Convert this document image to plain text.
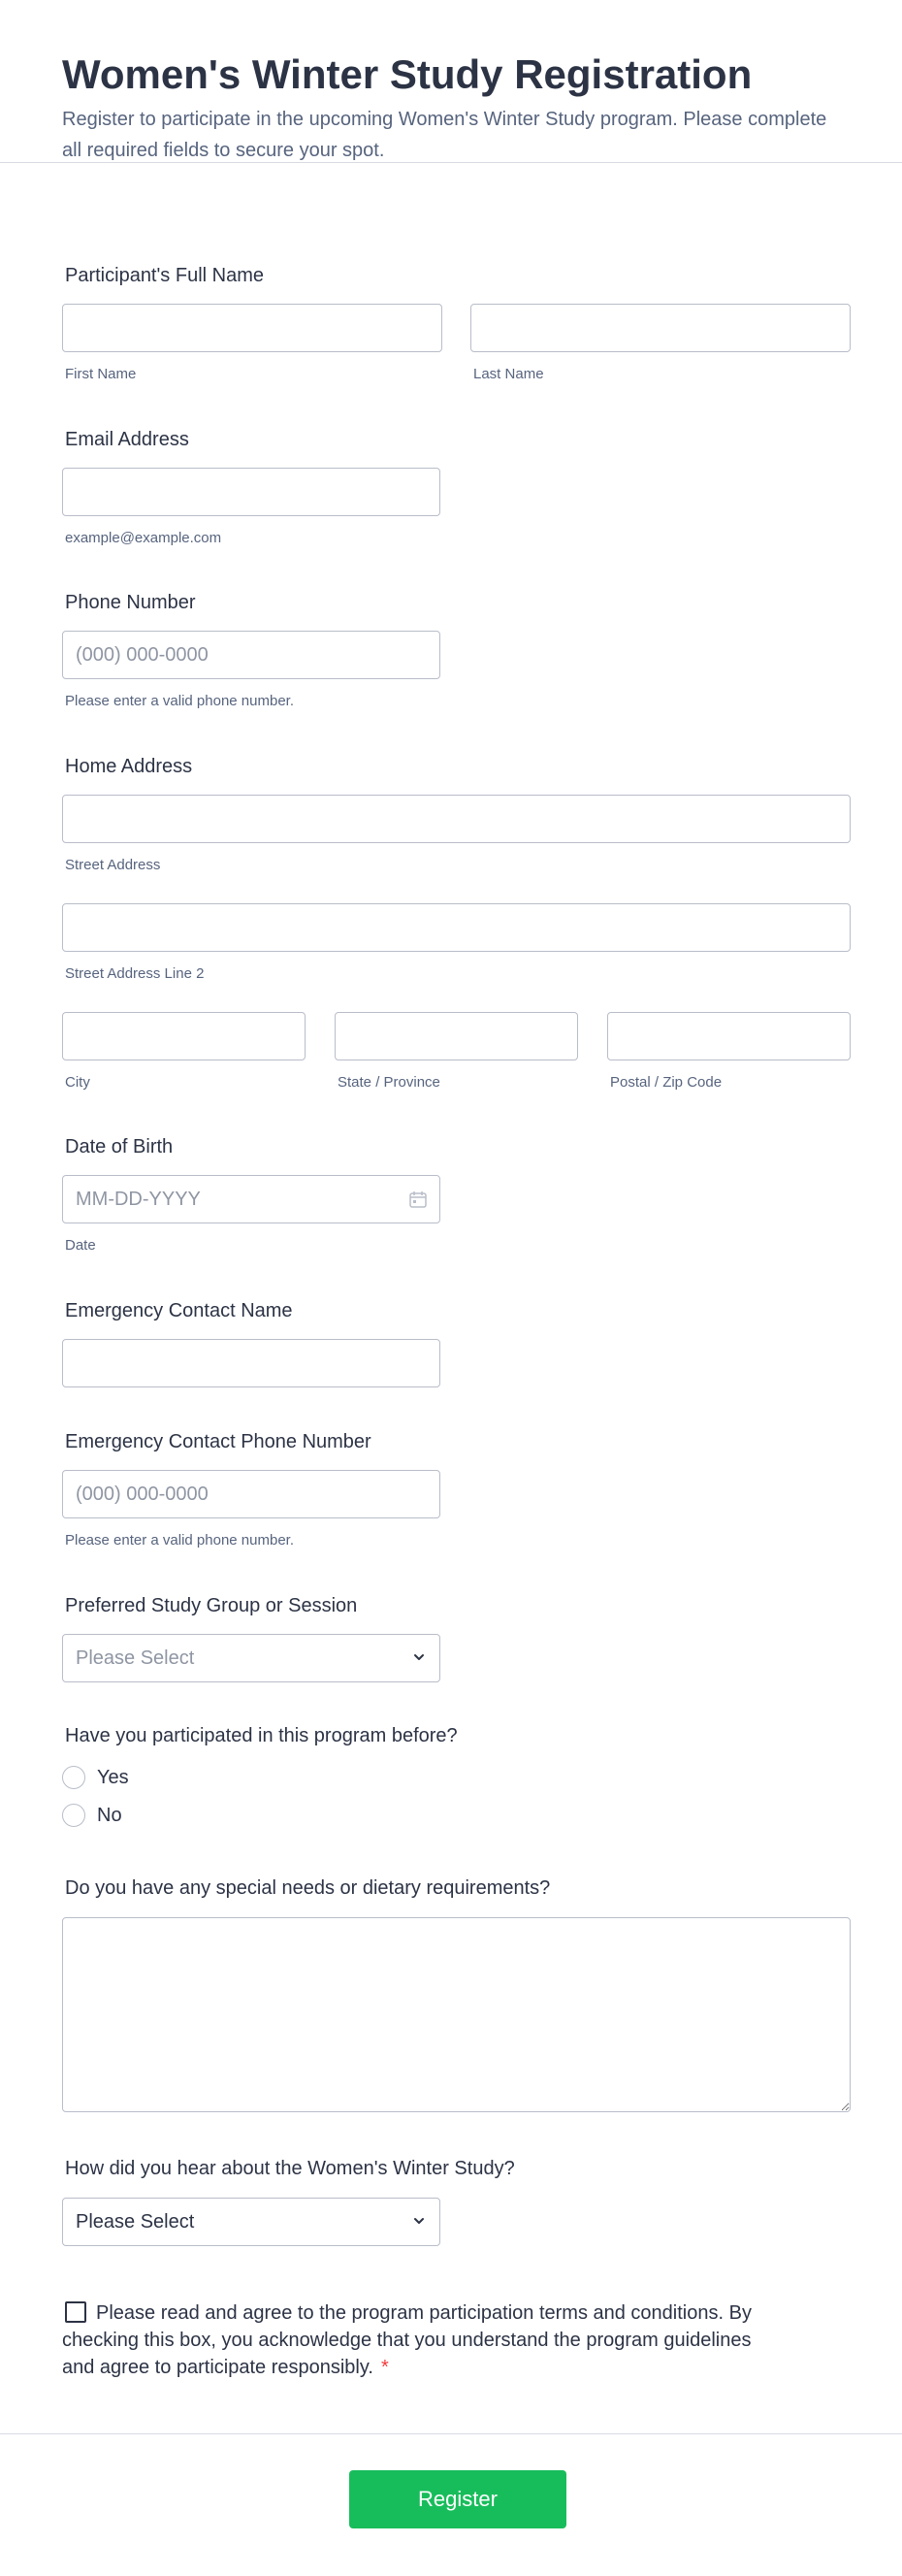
Women's Winter Study Registration
Register to participate in the upcoming Women's Winter Study program. Please complete all required fields to secure your spot.
Participant's Full Name
First Name	Last Name
Email Address
example@example.com
Phone Number
(000) 000-0000
Please enter a valid phone number.
Home Address
Street Address
Street Address Line 2
City	State / Province	Postal / Zip Code
Date of Birth
MM-DD-YYYY
Date
Emergency Contact Name
Emergency Contact Phone Number
(000) 000-0000
Please enter a valid phone number.
Preferred Study Group or Session
Please Select
Have you participated in this program before?
Yes
No
Do you have any special needs or dietary requirements?
How did you hear about the Women's Winter Study?
Please Select
Please read and agree to the program participation terms and conditions. By checking this box, you acknowledge that you understand the program guidelines and agree to participate responsibly. *
Register
